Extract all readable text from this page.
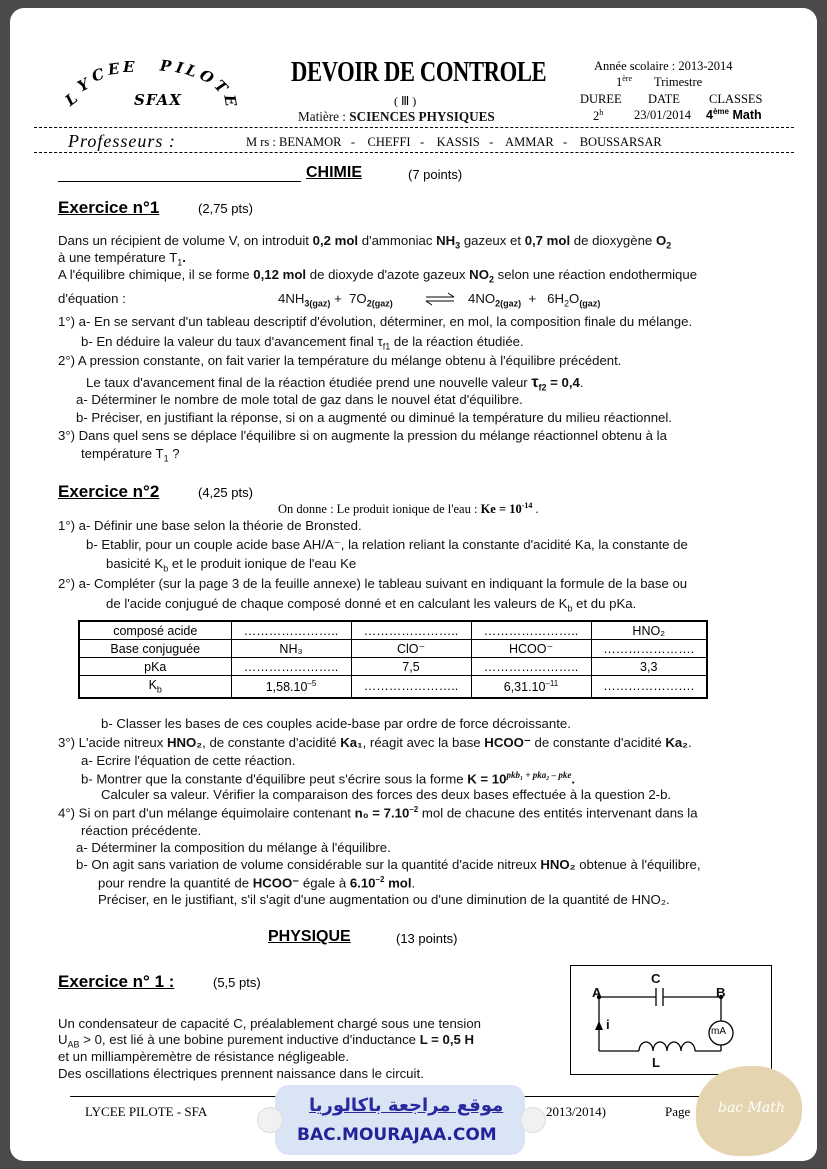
L
Y
C E E P I
L
O
T
E
SFAX
DEVOIR DE CONTROLE
( Ⅲ )
Matière : SCIENCES PHYSIQUES
Année scolaire : 2013-2014
1ère Trimestre
DUREE DATE CLASSES
2$^h$ 23/01/2014 4ème Math
Professeurs :	M rs : BENAMOR   -    CHEFFI   -    KASSIS   -    AMMAR   -    BOUSSARSAR
CHIMIE	(7 points)
Exercice n°1	(2,75 pts)
Dans un récipient de volume V, on introduit 0,2 mol d'ammoniac $NH_3$ gazeux et 0,7 mol de dioxygène $O_2$
à une température $T_1$.
A l'équilibre chimique, il se forme 0,12 mol de dioxyde d'azote gazeux $NO_2$ selon une réaction endothermique
d'équation :	$4NH_{3(gaz)} + 7O_{2(gaz)}$ ⇌ $4NO_{2(gaz)} + 6H_2O_{(gaz)}$
1°) a- En se servant d'un tableau descriptif d'évolution, déterminer, en mol, la composition finale du mélange.
b- En déduire la valeur du taux d'avancement final $\tau_{f1}$ de la réaction étudiée.
2°) A pression constante, on fait varier la température du mélange obtenu à l'équilibre précédent.
Le taux d'avancement final de la réaction étudiée prend une nouvelle valeur $\tau_{f2} = 0,4$.
a- Déterminer le nombre de mole total de gaz dans le nouvel état d'équilibre.
b- Préciser, en justifiant la réponse, si on a augmenté ou diminué la température du milieu réactionnel.
3°) Dans quel sens se déplace l'équilibre si on augmente la pression du mélange réactionnel obtenu à la
température $T_1$ ?
Exercice n°2	(4,25 pts)
On donne : Le produit ionique de l'eau : $Ke = 10^{-14}$ .
1°) a- Définir une base selon la théorie de Bronsted.
b- Etablir, pour un couple acide base AH/A⁻, la relation reliant la constante d'acidité Ka, la constante de
basicité $K_b$ et le produit ionique de l'eau Ke
2°) a- Compléter (sur la page 3 de la feuille annexe) le tableau suivant en indiquant la formule de la base ou
de l'acide conjugué de chaque composé donné et en calculant les valeurs de $K_b$ et du pKa.
composé acide	…………………..	…………………..	…………………..	HNO₂
Base conjuguée	NH₃	ClO⁻	HCOO⁻	………………….
pKa	…………………..	7,5	…………………..	3,3
$K_b$	$1,58.10^{-5}$	…………………..	$6,31.10^{-11}$	………………….
b- Classer les bases de ces couples acide-base par ordre de force décroissante.
3°) L'acide nitreux HNO₂, de constante d'acidité Ka₁, réagit avec la base HCOO⁻ de constante d'acidité Ka₂.
a- Ecrire l'équation de cette réaction.
b- Montrer que la constante d'équilibre peut s'écrire sous la forme $K = 10^{pkb_1 + pka_2 - pke}$.
Calculer sa valeur. Vérifier la comparaison des forces des deux bases effectuée à la question 2-b.
4°) Si on part d'un mélange équimolaire contenant $n_0 = 7.10^{-2}$ mol de chacune des entités intervenant dans la
réaction précédente.
a- Déterminer la composition du mélange à l'équilibre.
b- On agit sans variation de volume considérable sur la quantité d'acide nitreux HNO₂ obtenue à l'équilibre,
pour rendre la quantité de HCOO⁻ égale à $6.10^{-2}$ mol.
Préciser, en le justifiant, s'il s'agit d'une augmentation ou d'une diminution de la quantité de HNO₂.
PHYSIQUE	(13 points)
Exercice n° 1 :	(5,5 pts)
Un condensateur de capacité C, préalablement chargé sous une tension
$U_{AB} > 0$, est lié à une bobine purement inductive d'inductance L = 0,5 H
et un milliampèremètre de résistance négligeable.
Des oscillations électriques prennent naissance dans le circuit.
A	B
C
i
L
mA
LYCEE PILOTE - SFA	2013/2014)	Page
موقع مراجعة باكالوريا
BAC.MOURAJAA.COM
bac Math
